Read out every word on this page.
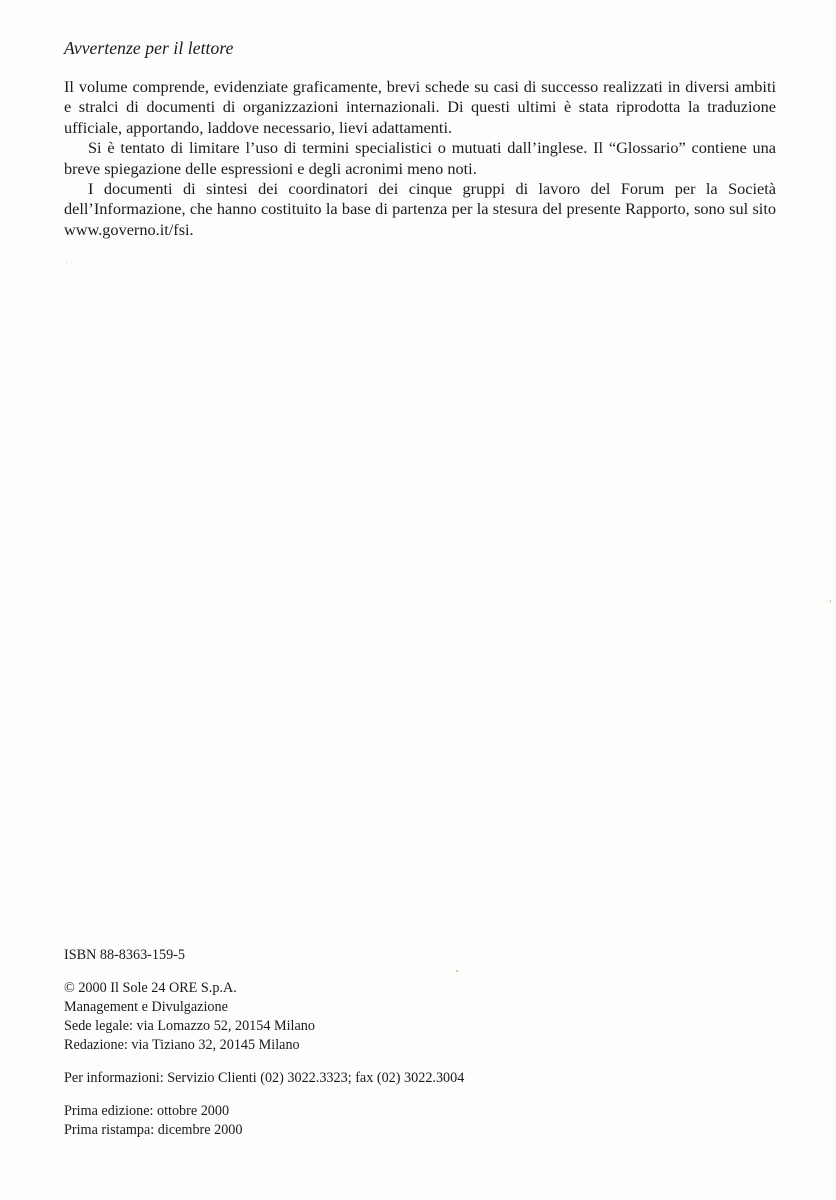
Avvertenze per il lettore

Il volume comprende, evidenziate graficamente, brevi schede su casi di successo realizzati in diversi ambiti e stralci di documenti di organizzazioni internazionali. Di questi ultimi è stata riprodotta la traduzione ufficiale, apportando, laddove necessario, lievi adattamenti.

Si è tentato di limitare l’uso di termini specialistici o mutuati dall’inglese. Il “Glossario” contiene una breve spiegazione delle espressioni e degli acronimi meno noti.

I documenti di sintesi dei coordinatori dei cinque gruppi di lavoro del Forum per la Società dell’Informazione, che hanno costituito la base di partenza per la stesura del presente Rapporto, sono sul sito www.governo.it/fsi.

ISBN 88-8363-159-5
© 2000 Il Sole 24 ORE S.p.A.
Management e Divulgazione
Sede legale: via Lomazzo 52, 20154 Milano
Redazione: via Tiziano 32, 20145 Milano
Per informazioni: Servizio Clienti (02) 3022.3323; fax (02) 3022.3004
Prima edizione: ottobre 2000
Prima ristampa: dicembre 2000
